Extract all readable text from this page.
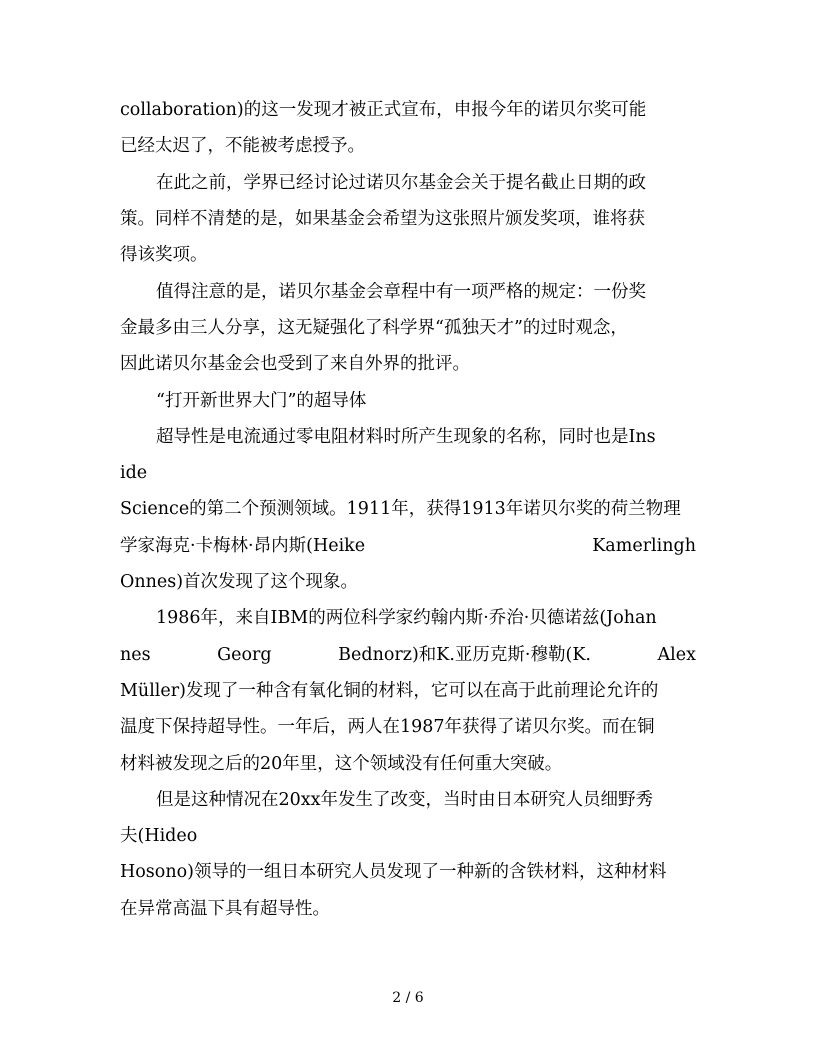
collaboration)的这一发现才被正式宣布，申报今年的诺贝尔奖可能
已经太迟了，不能被考虑授予。
在此之前，学界已经讨论过诺贝尔基金会关于提名截止日期的政
策。同样不清楚的是，如果基金会希望为这张照片颁发奖项，谁将获
得该奖项。
值得注意的是，诺贝尔基金会章程中有一项严格的规定：一份奖
金最多由三人分享，这无疑强化了科学界“孤独天才”的过时观念，
因此诺贝尔基金会也受到了来自外界的批评。
“打开新世界大门”的超导体
超导性是电流通过零电阻材料时所产生现象的名称，同时也是Ins
ide
Science的第二个预测领域。1911年，获得1913年诺贝尔奖的荷兰物理
学家海克·卡梅林·昂内斯(Heike	Kamerlingh
Onnes)首次发现了这个现象。
1986年，来自IBM的两位科学家约翰内斯·乔治·贝德诺兹(Johan
nes	Georg	Bednorz)和K.亚历克斯·穆勒(K.	Alex
Müller)发现了一种含有氧化铜的材料，它可以在高于此前理论允许的
温度下保持超导性。一年后，两人在1987年获得了诺贝尔奖。而在铜
材料被发现之后的20年里，这个领域没有任何重大突破。
但是这种情况在20xx年发生了改变，当时由日本研究人员细野秀
夫(Hideo
Hosono)领导的一组日本研究人员发现了一种新的含铁材料，这种材料
在异常高温下具有超导性。
2 / 6
